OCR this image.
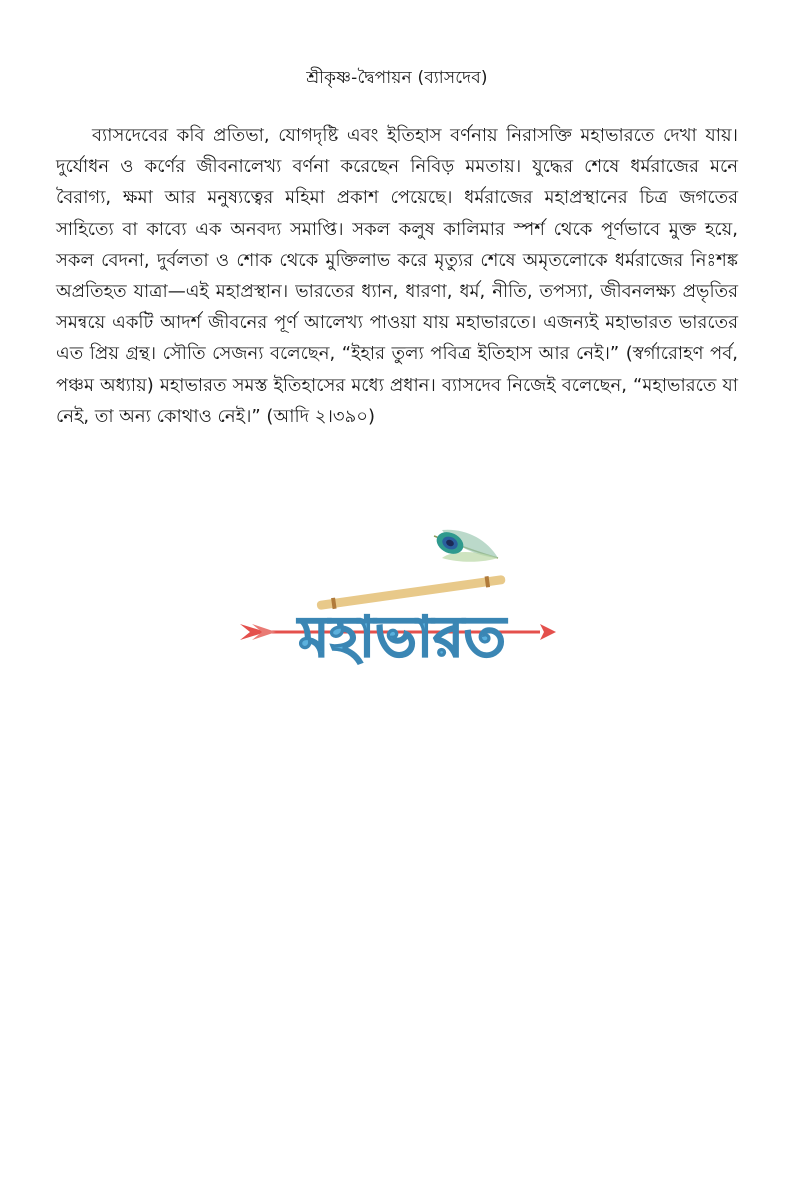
শ্রীকৃষ্ণ-দ্বৈপায়ন (ব্যাসদেব)

ব্যাসদেবের কবি প্রতিভা, যোগদৃষ্টি এবং ইতিহাস বর্ণনায় নিরাসক্তি মহাভারতে দেখা যায়। দুর্যোধন ও কর্ণের জীবনালেখ্য বর্ণনা করেছেন নিবিড় মমতায়। যুদ্ধের শেষে ধর্মরাজের মনে বৈরাগ্য, ক্ষমা আর মনুষ্যত্বের মহিমা প্রকাশ পেয়েছে। ধর্মরাজের মহাপ্রস্থানের চিত্র জগতের সাহিত্যে বা কাব্যে এক অনবদ্য সমাপ্তি। সকল কলুষ কালিমার স্পর্শ থেকে পূর্ণভাবে মুক্ত হয়ে, সকল বেদনা, দুর্বলতা ও শোক থেকে মুক্তিলাভ করে মৃত্যুর শেষে অমৃতলোকে ধর্মরাজের নিঃশঙ্ক অপ্রতিহত যাত্রা—এই মহাপ্রস্থান। ভারতের ধ্যান, ধারণা, ধর্ম, নীতি, তপস্যা, জীবনলক্ষ্য প্রভৃতির সমন্বয়ে একটি আদর্শ জীবনের পূর্ণ আলেখ্য পাওয়া যায় মহাভারতে। এজন্যই মহাভারত ভারতের এত প্রিয় গ্রন্থ। সৌতি সেজন্য বলেছেন, “ইহার তুল্য পবিত্র ইতিহাস আর নেই।” (স্বর্গারোহণ পর্ব, পঞ্চম অধ্যায়) মহাভারত সমস্ত ইতিহাসের মধ্যে প্রধান। ব্যাসদেব নিজেই বলেছেন, “মহাভারতে যা নেই, তা অন্য কোথাও নেই।” (আদি ২।৩৯০)

মহাভারত
